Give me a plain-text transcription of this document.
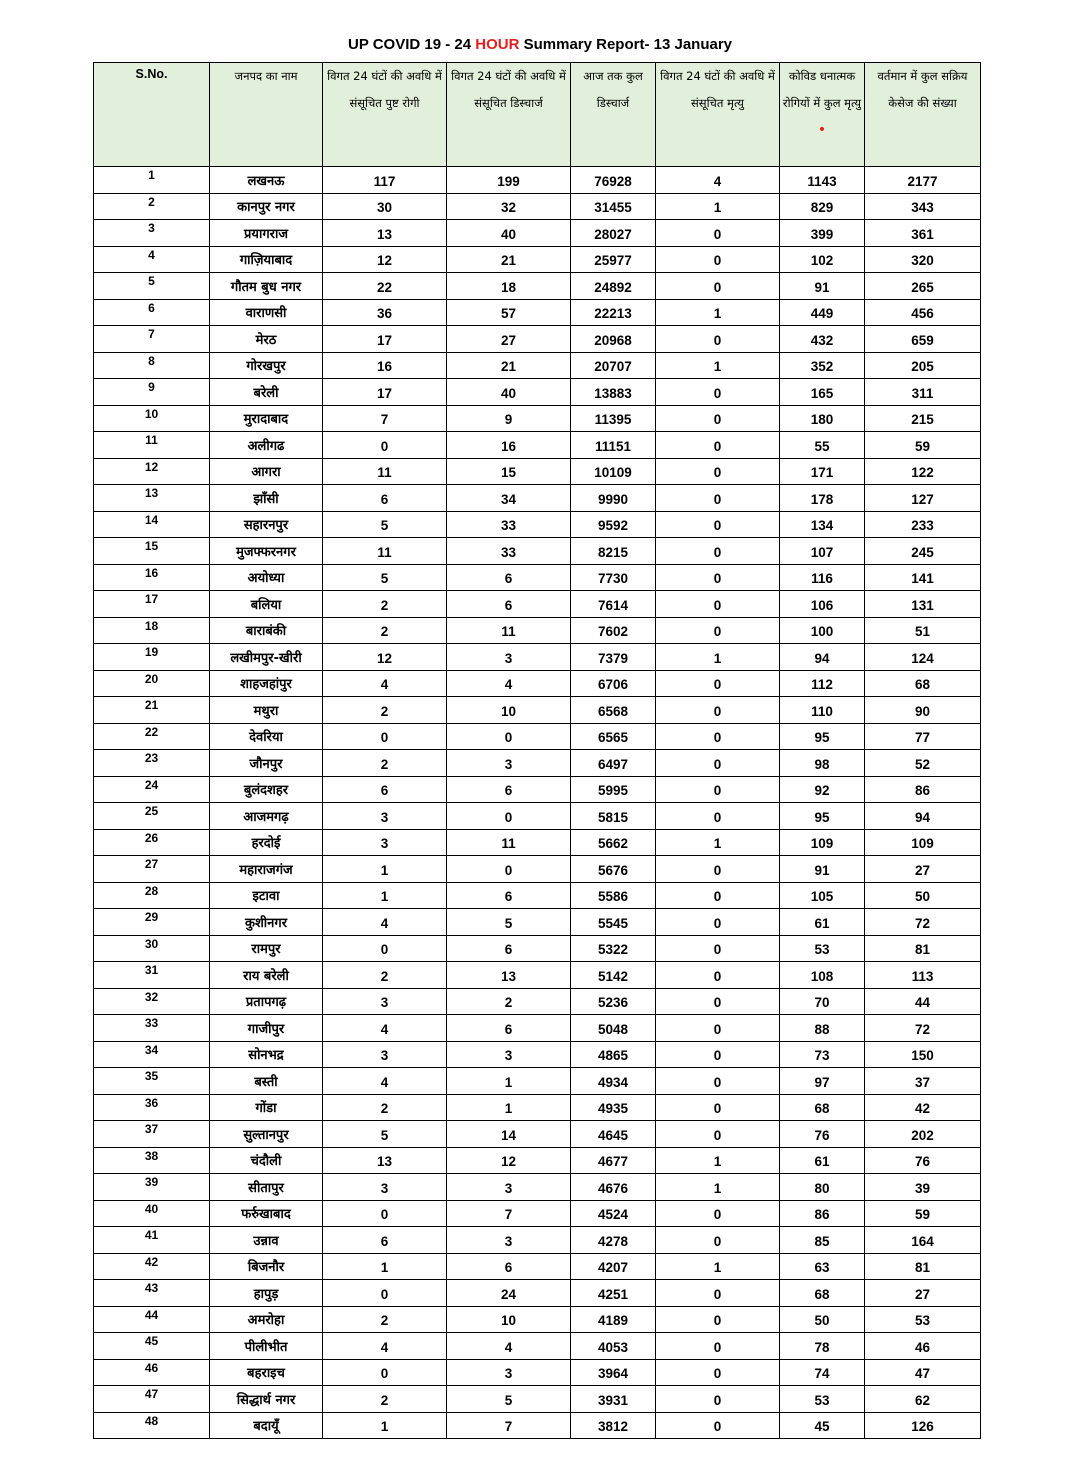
UP COVID 19 - 24 HOUR Summary Report- 13 January
S.No.	जनपद का नाम	विगत 24 घंटों की अवधि में संसूचित पुष्ट रोगी	विगत 24 घंटों की अवधि में संसूचित डिस्चार्ज	आज तक कुल डिस्चार्ज	विगत 24 घंटों की अवधि में संसूचित मृत्यु	कोविड धनात्मक रोगियों में कुल मृत्यु •	वर्तमान में कुल सक्रिय केसेज की संख्या
1	लखनऊ	117	199	76928	4	1143	2177
2	कानपुर नगर	30	32	31455	1	829	343
3	प्रयागराज	13	40	28027	0	399	361
4	गाज़ियाबाद	12	21	25977	0	102	320
5	गौतम बुध नगर	22	18	24892	0	91	265
6	वाराणसी	36	57	22213	1	449	456
7	मेरठ	17	27	20968	0	432	659
8	गोरखपुर	16	21	20707	1	352	205
9	बरेली	17	40	13883	0	165	311
10	मुरादाबाद	7	9	11395	0	180	215
11	अलीगढ	0	16	11151	0	55	59
12	आगरा	11	15	10109	0	171	122
13	झाँसी	6	34	9990	0	178	127
14	सहारनपुर	5	33	9592	0	134	233
15	मुजफ्फरनगर	11	33	8215	0	107	245
16	अयोध्या	5	6	7730	0	116	141
17	बलिया	2	6	7614	0	106	131
18	बाराबंकी	2	11	7602	0	100	51
19	लखीमपुर-खीरी	12	3	7379	1	94	124
20	शाहजहांपुर	4	4	6706	0	112	68
21	मथुरा	2	10	6568	0	110	90
22	देवरिया	0	0	6565	0	95	77
23	जौनपुर	2	3	6497	0	98	52
24	बुलंदशहर	6	6	5995	0	92	86
25	आजमगढ़	3	0	5815	0	95	94
26	हरदोई	3	11	5662	1	109	109
27	महाराजगंज	1	0	5676	0	91	27
28	इटावा	1	6	5586	0	105	50
29	कुशीनगर	4	5	5545	0	61	72
30	रामपुर	0	6	5322	0	53	81
31	राय बरेली	2	13	5142	0	108	113
32	प्रतापगढ़	3	2	5236	0	70	44
33	गाजीपुर	4	6	5048	0	88	72
34	सोनभद्र	3	3	4865	0	73	150
35	बस्ती	4	1	4934	0	97	37
36	गोंडा	2	1	4935	0	68	42
37	सुल्तानपुर	5	14	4645	0	76	202
38	चंदौली	13	12	4677	1	61	76
39	सीतापुर	3	3	4676	1	80	39
40	फर्रुखाबाद	0	7	4524	0	86	59
41	उन्नाव	6	3	4278	0	85	164
42	बिजनौर	1	6	4207	1	63	81
43	हापुड़	0	24	4251	0	68	27
44	अमरोहा	2	10	4189	0	50	53
45	पीलीभीत	4	4	4053	0	78	46
46	बहराइच	0	3	3964	0	74	47
47	सिद्धार्थ नगर	2	5	3931	0	53	62
48	बदायूँ	1	7	3812	0	45	126
